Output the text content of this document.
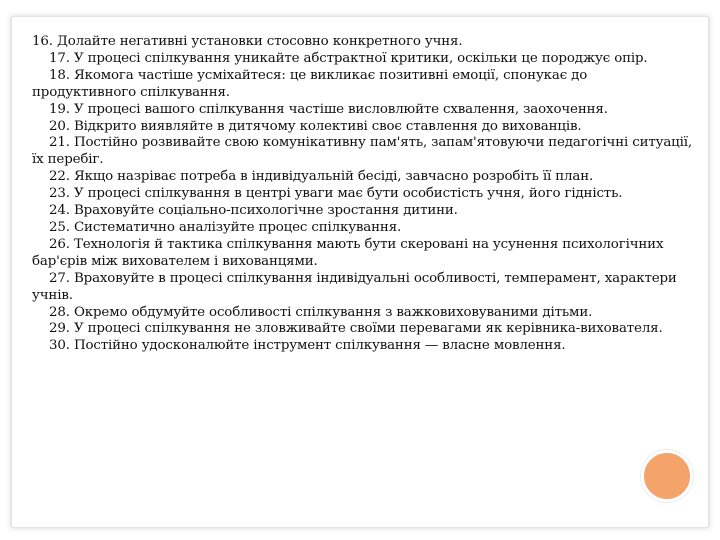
16. Долайте негативні установки стосовно конкретного учня.

17. У процесі спілкування уникайте абстрактної критики, оскільки це породжує опір.

18. Якомога частіше усміхайтеся: це викликає позитивні емоції, спонукає до продуктивного спілкування.

19. У процесі вашого спілкування частіше висловлюйте схвалення, заохочення.

20. Відкрито виявляйте в дитячому колективі своє ставлення до вихованців.

21. Постійно розвивайте свою комунікативну пам'ять, запам'ятовуючи педагогічні ситуації, їх перебіг.

22. Якщо назріває потреба в індивідуальній бесіді, завчасно розробіть її план.

23. У процесі спілкування в центрі уваги має бути особистість учня, його гідність.

24. Враховуйте соціально-психологічне зростання дитини.

25. Систематично аналізуйте процес спілкування.

26. Технологія й тактика спілкування мають бути скеровані на усунення психологічних бар'єрів між вихователем і вихованцями.

27. Враховуйте в процесі спілкування індивідуальні особливості, темперамент, характери учнів.

28. Окремо обдумуйте особливості спілкування з важковиховуваними дітьми.

29. У процесі спілкування не зловживайте своїми перевагами як керівника-вихователя.

30. Постійно удосконалюйте інструмент спілкування — власне мовлення.
